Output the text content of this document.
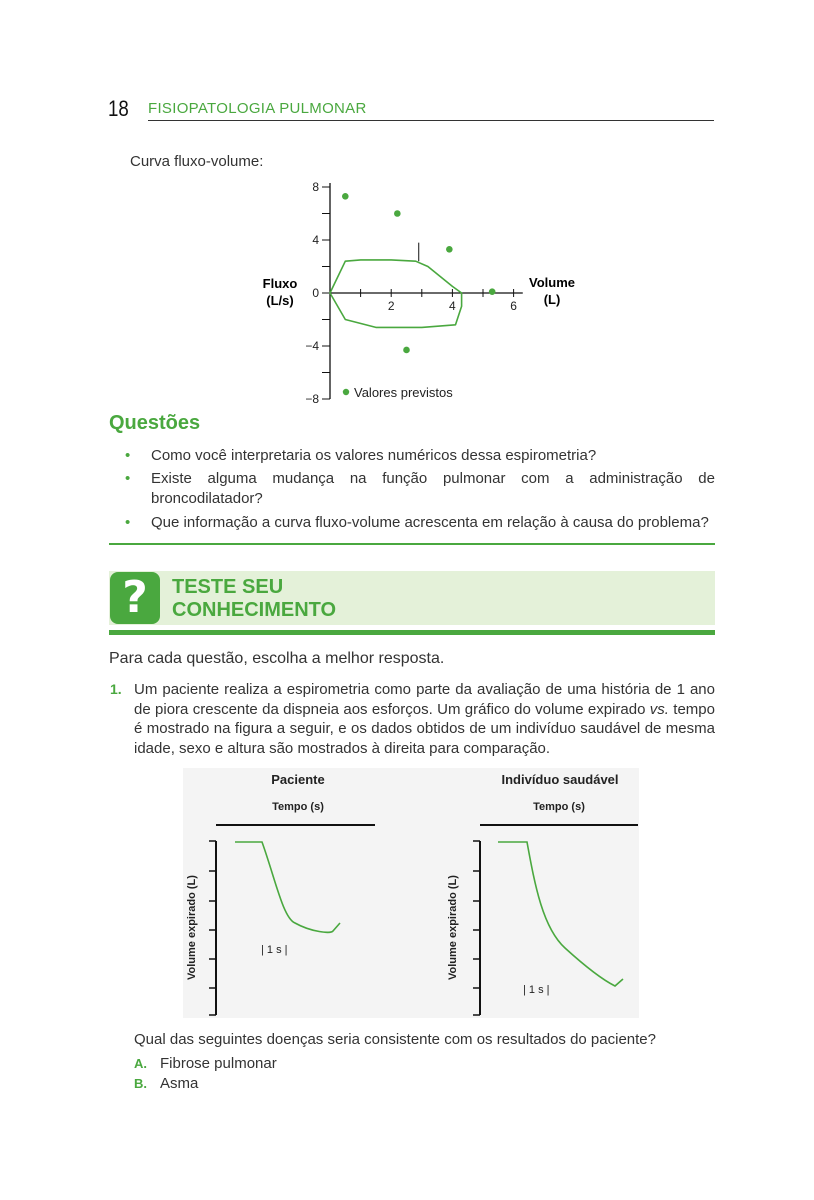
18 FISIOPATOLOGIA PULMONAR
Curva fluxo-volume:
8
4
0
−4
−8
2	4	6
Fluxo
(L/s)
Volume
(L)
Valores previstos
Questões
• Como você interpretaria os valores numéricos dessa espirometria?
• Existe alguma mudança na função pulmonar com a administração de broncodilatador?
• Que informação a curva fluxo-volume acrescenta em relação à causa do problema?
?	TESTE SEU
CONHECIMENTO
Para cada questão, escolha a melhor resposta.
1. Um paciente realiza a espirometria como parte da avaliação de uma história de 1 ano de piora crescente da dispneia aos esforços. Um gráfico do volume expirado vs. tempo é mostrado na figura a seguir, e os dados obtidos de um indivíduo saudável de mesma idade, sexo e altura são mostrados à direita para comparação.
Paciente	Indivíduo saudável
Tempo (s)	Tempo (s)
Volume expirado (L)	Volume expirado (L)
| 1 s |
| 1 s |
Qual das seguintes doenças seria consistente com os resultados do paciente?
A. Fibrose pulmonar
B. Asma
